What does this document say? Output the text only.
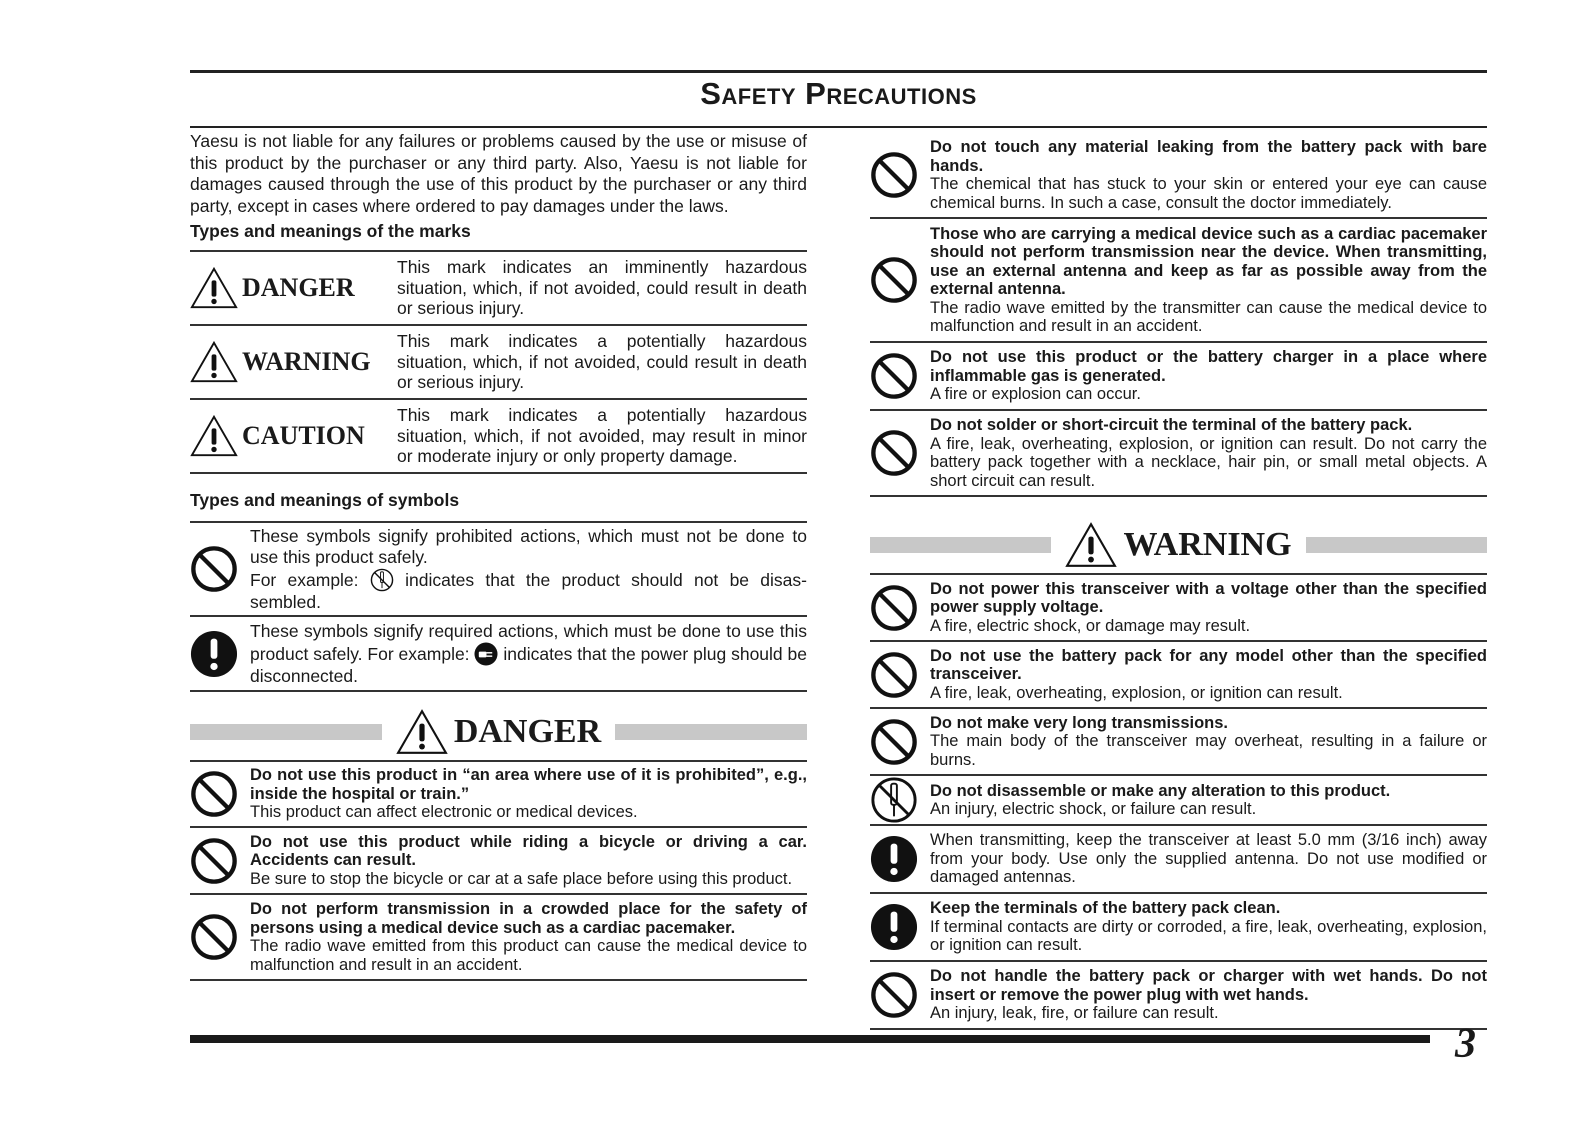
Safety Precautions

Yaesu is not liable for any failures or problems caused by the use or misuse of this product by the purchaser or any third party. Also, Yaesu is not liable for damages caused through the use of this product by the purchaser or any third party, except in cases where ordered to pay damages under the laws.

Types and meanings of the marks
DANGER
This mark indicates an imminently hazardous situation, which, if not avoided, could result in death or serious injury.
WARNING
This mark indicates a potentially hazardous situation, which, if not avoided, could result in death or serious injury.
CAUTION
This mark indicates a potentially hazardous situation, which, if not avoided, may result in minor or moderate injury or only property damage.
Types and meanings of symbols
These symbols signify prohibited actions, which must not be done to use this product safely.
For example:	indicates that the product should not be disas-sembled.
These symbols signify required actions, which must be done to use this product safely. For example: indicates that the power plug should be disconnected.
DANGER
Do not use this product in “an area where use of it is prohibited”, e.g., inside the hospital or train.”
This product can affect electronic or medical devices.
Do not use this product while riding a bicycle or driving a car. Accidents can result.
Be sure to stop the bicycle or car at a safe place before using this product.
Do not perform transmission in a crowded place for the safety of persons using a medical device such as a cardiac pacemaker.
The radio wave emitted from this product can cause the medical device to malfunction and result in an accident.
Do not touch any material leaking from the battery pack with bare hands.
The chemical that has stuck to your skin or entered your eye can cause chemical burns. In such a case, consult the doctor immediately.
Those who are carrying a medical device such as a cardiac pacemaker should not perform transmission near the device. When transmitting, use an external antenna and keep as far as possible away from the external antenna.
The radio wave emitted by the transmitter can cause the medical device to malfunction and result in an accident.
Do not use this product or the battery charger in a place where inflammable gas is generated.
A fire or explosion can occur.
Do not solder or short-circuit the terminal of the battery pack.
A fire, leak, overheating, explosion, or ignition can result. Do not carry the battery pack together with a necklace, hair pin, or small metal objects. A short circuit can result.
WARNING
Do not power this transceiver with a voltage other than the specified power supply voltage.
A fire, electric shock, or damage may result.
Do not use the battery pack for any model other than the specified transceiver.
A fire, leak, overheating, explosion, or ignition can result.
Do not make very long transmissions.
The main body of the transceiver may overheat, resulting in a failure or burns.
Do not disassemble or make any alteration to this product.
An injury, electric shock, or failure can result.
When transmitting, keep the transceiver at least 5.0 mm (3/16 inch) away from your body. Use only the supplied antenna. Do not use modified or damaged antennas.
Keep the terminals of the battery pack clean.
If terminal contacts are dirty or corroded, a fire, leak, overheating, explosion, or ignition can result.
Do not handle the battery pack or charger with wet hands. Do not insert or remove the power plug with wet hands.
An injury, leak, fire, or failure can result.
3
